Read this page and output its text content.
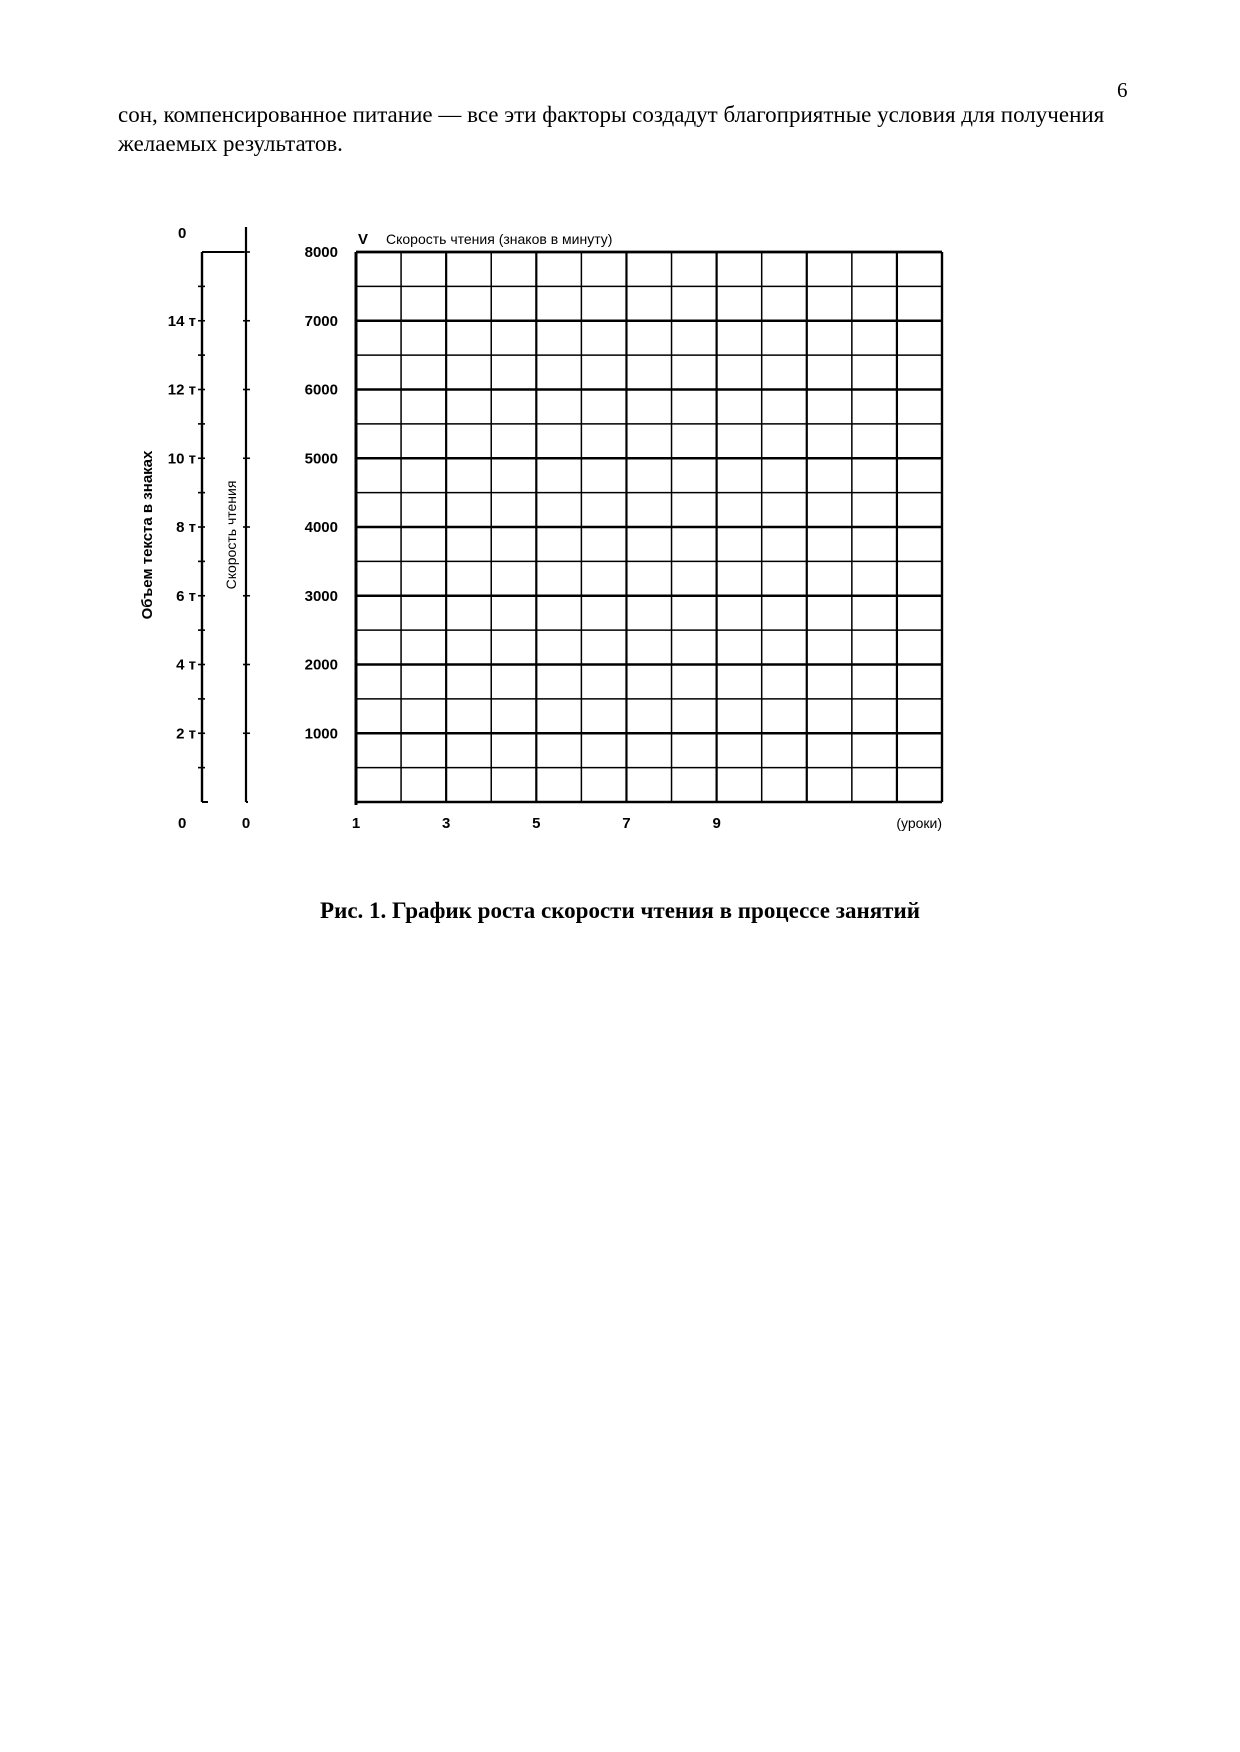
6

сон, компенсированное питание — все эти факторы создадут благоприятные условия для получения желаемых результатов.

1000
2000
3000
4000
5000
6000
7000
8000
V Скорость чтения (знаков в минуту)
1	3	5	7	9	(уроки)
2 т
4 т
6 т
8 т
10 т
12 т
14 т
0
0
Объем текста в знаках
0
Скорость чтения

Рис. 1. График роста скорости чтения в процессе занятий
